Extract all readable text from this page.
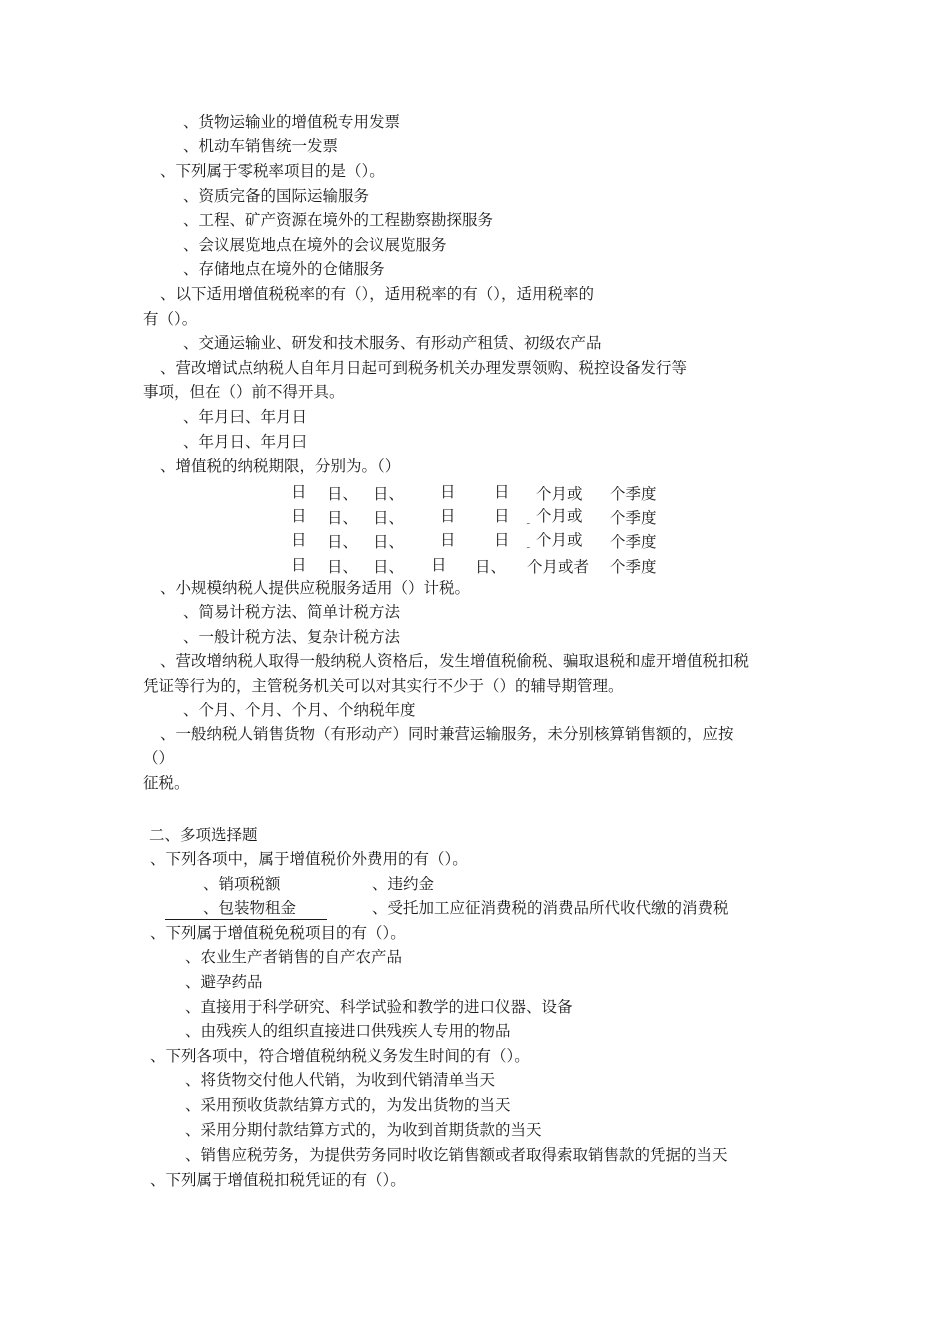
、货物运输业的增值税专用发票
、机动车销售统一发票
、下列属于零税率项目的是（）。
、资质完备的国际运输服务
、工程、矿产资源在境外的工程勘察勘探服务
、会议展览地点在境外的会议展览服务
、存储地点在境外的仓储服务
、以下适用增值税税率的有（），适用税率的有（），适用税率的
有（）。
、交通运输业、研发和技术服务、有形动产租赁、初级农产品
、营改增试点纳税人自年月日起可到税务机关办理发票领购、税控设备发行等
事项，但在（）前不得开具。
、年月曰、年月日
、年月日、年月曰
、增值税的纳税期限，分别为。（）
日 日、 日、 日 日 个月或 个季度
日 日、 日、 日 日 个月或 个季度
˜
日 日、 日、 日 日 个月或 个季度
˜
日 日、 日、 日 日、 个月或者 个季度
、小规模纳税人提供应税服务适用（）计税。
、简易计税方法、简单计税方法
、一般计税方法、复杂计税方法
、营改增纳税人取得一般纳税人资格后，发生增值税偷税、骗取退税和虚开增值税扣税
凭证等行为的，主管税务机关可以对其实行不少于（）的辅导期管理。
、个月、个月、个月、个纳税年度
、一般纳税人销售货物（有形动产）同时兼营运输服务，未分别核算销售额的，应按
（）
征税。
二、多项选择题
、下列各项中，属于增值税价外费用的有（）。
、销项税额	、违约金
、包装物租金	、受托加工应征消费税的消费品所代收代缴的消费税
、下列属于增值税免税项目的有（）。
、农业生产者销售的自产农产品
、避孕药品
、直接用于科学研究、科学试验和教学的进口仪器、设备
、由残疾人的组织直接进口供残疾人专用的物品
、下列各项中，符合增值税纳税义务发生时间的有（）。
、将货物交付他人代销，为收到代销清单当天
、采用预收货款结算方式的，为发出货物的当天
、采用分期付款结算方式的，为收到首期货款的当天
、销售应税劳务，为提供劳务同时收讫销售额或者取得索取销售款的凭据的当天
、下列属于增值税扣税凭证的有（）。
